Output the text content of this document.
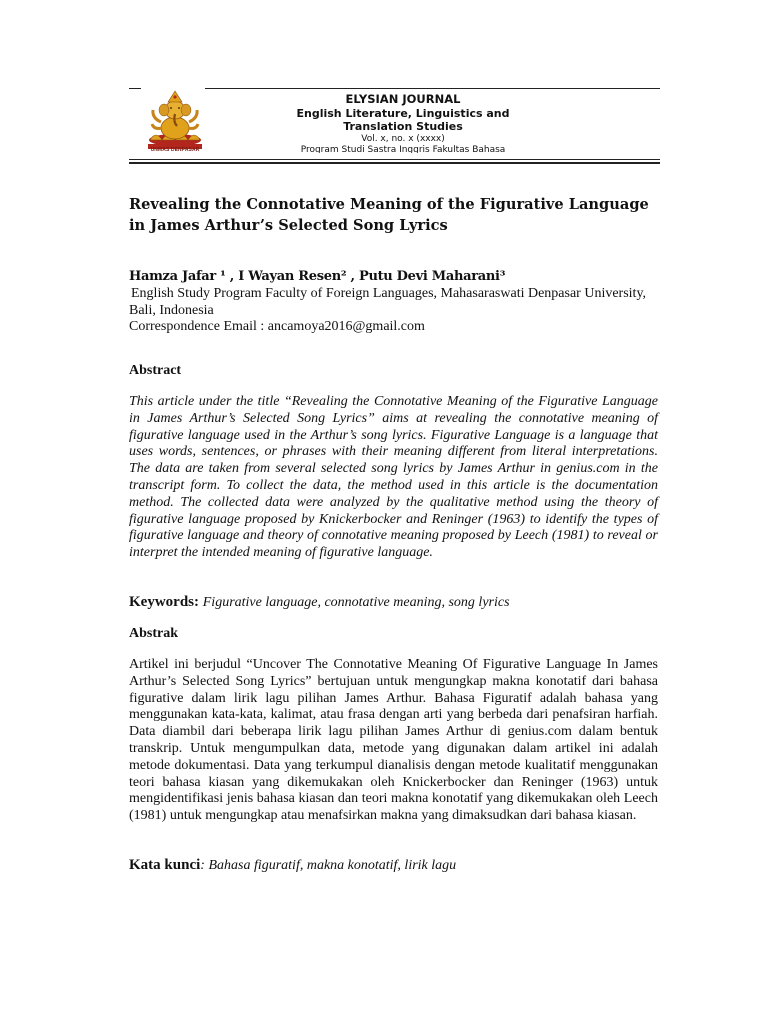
UNMAS DENPASAR
ELYSIAN JOURNAL
English Literature, Linguistics and
Translation Studies
Vol. x, no. x (xxxx)
Program Studi Sastra Inggris Fakultas Bahasa
Revealing the Connotative Meaning of the Figurative Language in James Arthur’s Selected Song Lyrics
Hamza Jafar ¹ , I Wayan Resen² , Putu Devi Maharani³
English Study Program Faculty of Foreign Languages, Mahasaraswati Denpasar University,
Bali, Indonesia
Correspondence Email : ancamoya2016@gmail.com
Abstract

This article under the title “Revealing the Connotative Meaning of the Figurative Language in James Arthur’s Selected Song Lyrics” aims at revealing the connotative meaning of figurative language used in the Arthur’s song lyrics. Figurative Language is a language that uses words, sentences, or phrases with their meaning different from literal interpretations. The data are taken from several selected song lyrics by James Arthur in genius.com in the transcript form. To collect the data, the method used in this article is the documentation method. The collected data were analyzed by the qualitative method using the theory of figurative language proposed by Knickerbocker and Reninger (1963) to identify the types of figurative language and theory of connotative meaning proposed by Leech (1981) to reveal or interpret the intended meaning of figurative language.

Keywords: Figurative language, connotative meaning, song lyrics
Abstrak

Artikel ini berjudul “Uncover The Connotative Meaning Of Figurative Language In James Arthur’s Selected Song Lyrics” bertujuan untuk mengungkap makna konotatif dari bahasa figurative dalam lirik lagu pilihan James Arthur. Bahasa Figuratif adalah bahasa yang menggunakan kata-kata, kalimat, atau frasa dengan arti yang berbeda dari penafsiran harfiah. Data diambil dari beberapa lirik lagu pilihan James Arthur di genius.com dalam bentuk transkrip. Untuk mengumpulkan data, metode yang digunakan dalam artikel ini adalah metode dokumentasi. Data yang terkumpul dianalisis dengan metode kualitatif menggunakan teori bahasa kiasan yang dikemukakan oleh Knickerbocker dan Reninger (1963) untuk mengidentifikasi jenis bahasa kiasan dan teori makna konotatif yang dikemukakan oleh Leech (1981) untuk mengungkap atau menafsirkan makna yang dimaksudkan dari bahasa kiasan.

Kata kunci: Bahasa figuratif, makna konotatif, lirik lagu
